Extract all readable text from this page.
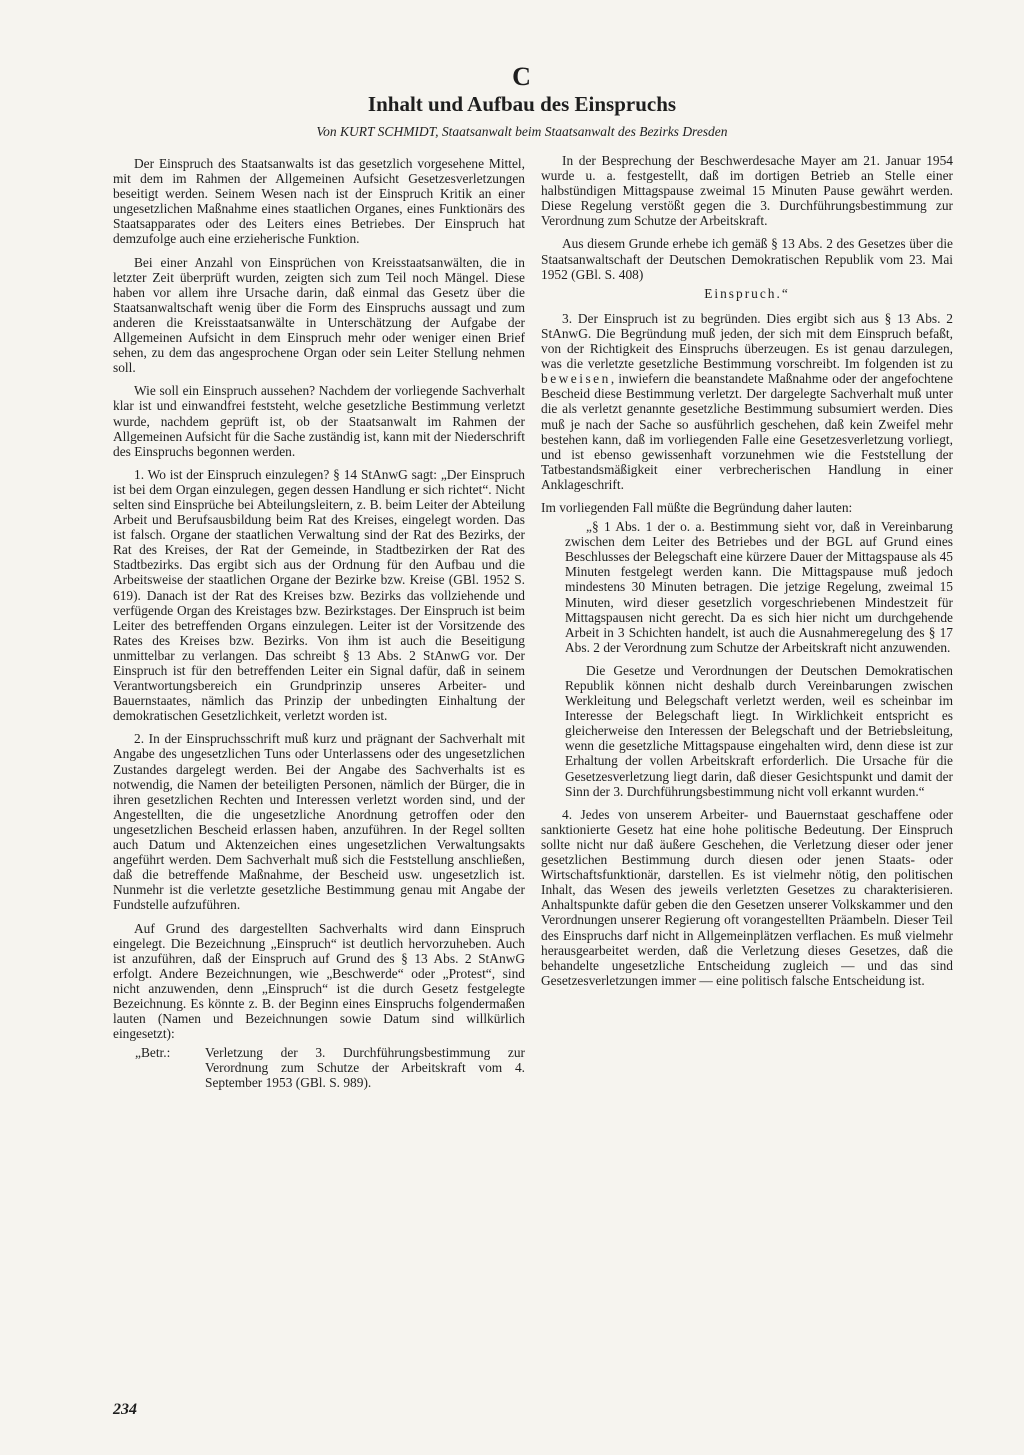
C
Inhalt und Aufbau des Einspruchs
Von KURT SCHMIDT, Staatsanwalt beim Staatsanwalt des Bezirks Dresden

Der Einspruch des Staatsanwalts ist das gesetzlich vorgesehene Mittel, mit dem im Rahmen der Allgemeinen Aufsicht Gesetzesverletzungen beseitigt werden. Seinem Wesen nach ist der Einspruch Kritik an einer ungesetzlichen Maßnahme eines staatlichen Organes, eines Funktionärs des Staatsapparates oder des Leiters eines Betriebes. Der Einspruch hat demzufolge auch eine erzieherische Funktion.

Bei einer Anzahl von Einsprüchen von Kreisstaatsanwälten, die in letzter Zeit überprüft wurden, zeigten sich zum Teil noch Mängel. Diese haben vor allem ihre Ursache darin, daß einmal das Gesetz über die Staatsanwaltschaft wenig über die Form des Einspruchs aussagt und zum anderen die Kreisstaatsanwälte in Unterschätzung der Aufgabe der Allgemeinen Aufsicht in dem Einspruch mehr oder weniger einen Brief sehen, zu dem das angesprochene Organ oder sein Leiter Stellung nehmen soll.

Wie soll ein Einspruch aussehen? Nachdem der vorliegende Sachverhalt klar ist und einwandfrei feststeht, welche gesetzliche Bestimmung verletzt wurde, nachdem geprüft ist, ob der Staatsanwalt im Rahmen der Allgemeinen Aufsicht für die Sache zuständig ist, kann mit der Niederschrift des Einspruchs begonnen werden.

1. Wo ist der Einspruch einzulegen? § 14 StAnwG sagt: „Der Einspruch ist bei dem Organ einzulegen, gegen dessen Handlung er sich richtet“. Nicht selten sind Einsprüche bei Abteilungsleitern, z. B. beim Leiter der Abteilung Arbeit und Berufsausbildung beim Rat des Kreises, eingelegt worden. Das ist falsch. Organe der staatlichen Verwaltung sind der Rat des Bezirks, der Rat des Kreises, der Rat der Gemeinde, in Stadtbezirken der Rat des Stadtbezirks. Das ergibt sich aus der Ordnung für den Aufbau und die Arbeitsweise der staatlichen Organe der Bezirke bzw. Kreise (GBl. 1952 S. 619). Danach ist der Rat des Kreises bzw. Bezirks das vollziehende und verfügende Organ des Kreistages bzw. Bezirkstages. Der Einspruch ist beim Leiter des betreffenden Organs einzulegen. Leiter ist der Vorsitzende des Rates des Kreises bzw. Bezirks. Von ihm ist auch die Beseitigung unmittelbar zu verlangen. Das schreibt § 13 Abs. 2 StAnwG vor. Der Einspruch ist für den betreffenden Leiter ein Signal dafür, daß in seinem Verantwortungsbereich ein Grundprinzip unseres Arbeiter- und Bauernstaates, nämlich das Prinzip der unbedingten Einhaltung der demokratischen Gesetzlichkeit, verletzt worden ist.

2. In der Einspruchsschrift muß kurz und prägnant der Sachverhalt mit Angabe des ungesetzlichen Tuns oder Unterlassens oder des ungesetzlichen Zustandes dargelegt werden. Bei der Angabe des Sachverhalts ist es notwendig, die Namen der beteiligten Personen, nämlich der Bürger, die in ihren gesetzlichen Rechten und Interessen verletzt worden sind, und der Angestellten, die die ungesetzliche Anordnung getroffen oder den ungesetzlichen Bescheid erlassen haben, anzuführen. In der Regel sollten auch Datum und Aktenzeichen eines ungesetzlichen Verwaltungsakts angeführt werden. Dem Sachverhalt muß sich die Feststellung anschließen, daß die betreffende Maßnahme, der Bescheid usw. ungesetzlich ist. Nunmehr ist die verletzte gesetzliche Bestimmung genau mit Angabe der Fundstelle aufzuführen.

Auf Grund des dargestellten Sachverhalts wird dann Einspruch eingelegt. Die Bezeichnung „Einspruch“ ist deutlich hervorzuheben. Auch ist anzuführen, daß der Einspruch auf Grund des § 13 Abs. 2 StAnwG erfolgt. Andere Bezeichnungen, wie „Beschwerde“ oder „Protest“, sind nicht anzuwenden, denn „Einspruch“ ist die durch Gesetz festgelegte Bezeichnung. Es könnte z. B. der Beginn eines Einspruchs folgendermaßen lauten (Namen und Bezeichnungen sowie Datum sind willkürlich eingesetzt):

„Betr.:	Verletzung der 3. Durchführungsbestimmung zur Verordnung zum Schutze der Arbeitskraft vom 4. September 1953 (GBl. S. 989).

In der Besprechung der Beschwerdesache Mayer am 21. Januar 1954 wurde u. a. festgestellt, daß im dortigen Betrieb an Stelle einer halbstündigen Mittagspause zweimal 15 Minuten Pause gewährt werden. Diese Regelung verstößt gegen die 3. Durchführungsbestimmung zur Verordnung zum Schutze der Arbeitskraft.

Aus diesem Grunde erhebe ich gemäß § 13 Abs. 2 des Gesetzes über die Staatsanwaltschaft der Deutschen Demokratischen Republik vom 23. Mai 1952 (GBl. S. 408)

Einspruch.“

3. Der Einspruch ist zu begründen. Dies ergibt sich aus § 13 Abs. 2 StAnwG. Die Begründung muß jeden, der sich mit dem Einspruch befaßt, von der Richtigkeit des Einspruchs überzeugen. Es ist genau darzulegen, was die verletzte gesetzliche Bestimmung vorschreibt. Im folgenden ist zu beweisen, inwiefern die beanstandete Maßnahme oder der angefochtene Bescheid diese Bestimmung verletzt. Der dargelegte Sachverhalt muß unter die als verletzt genannte gesetzliche Bestimmung subsumiert werden. Dies muß je nach der Sache so ausführlich geschehen, daß kein Zweifel mehr bestehen kann, daß im vorliegenden Falle eine Gesetzesverletzung vorliegt, und ist ebenso gewissenhaft vorzunehmen wie die Feststellung der Tatbestandsmäßigkeit einer verbrecherischen Handlung in einer Anklageschrift.

Im vorliegenden Fall müßte die Begründung daher lauten:

„§ 1 Abs. 1 der o. a. Bestimmung sieht vor, daß in Vereinbarung zwischen dem Leiter des Betriebes und der BGL auf Grund eines Beschlusses der Belegschaft eine kürzere Dauer der Mittagspause als 45 Minuten festgelegt werden kann. Die Mittagspause muß jedoch mindestens 30 Minuten betragen. Die jetzige Regelung, zweimal 15 Minuten, wird dieser gesetzlich vorgeschriebenen Mindestzeit für Mittagspausen nicht gerecht. Da es sich hier nicht um durchgehende Arbeit in 3 Schichten handelt, ist auch die Ausnahmeregelung des § 17 Abs. 2 der Verordnung zum Schutze der Arbeitskraft nicht anzuwenden.

Die Gesetze und Verordnungen der Deutschen Demokratischen Republik können nicht deshalb durch Vereinbarungen zwischen Werkleitung und Belegschaft verletzt werden, weil es scheinbar im Interesse der Belegschaft liegt. In Wirklichkeit entspricht es gleicherweise den Interessen der Belegschaft und der Betriebsleitung, wenn die gesetzliche Mittagspause eingehalten wird, denn diese ist zur Erhaltung der vollen Arbeitskraft erforderlich. Die Ursache für die Gesetzesverletzung liegt darin, daß dieser Gesichtspunkt und damit der Sinn der 3. Durchführungsbestimmung nicht voll erkannt wurden.“

4. Jedes von unserem Arbeiter- und Bauernstaat geschaffene oder sanktionierte Gesetz hat eine hohe politische Bedeutung. Der Einspruch sollte nicht nur daß äußere Geschehen, die Verletzung dieser oder jener gesetzlichen Bestimmung durch diesen oder jenen Staats- oder Wirtschaftsfunktionär, darstellen. Es ist vielmehr nötig, den politischen Inhalt, das Wesen des jeweils verletzten Gesetzes zu charakterisieren. Anhaltspunkte dafür geben die den Gesetzen unserer Volkskammer und den Verordnungen unserer Regierung oft vorangestellten Präambeln. Dieser Teil des Einspruchs darf nicht in Allgemeinplätzen verflachen. Es muß vielmehr herausgearbeitet werden, daß die Verletzung dieses Gesetzes, daß die behandelte ungesetzliche Entscheidung zugleich — und das sind Gesetzesverletzungen immer — eine politisch falsche Entscheidung ist.

234
